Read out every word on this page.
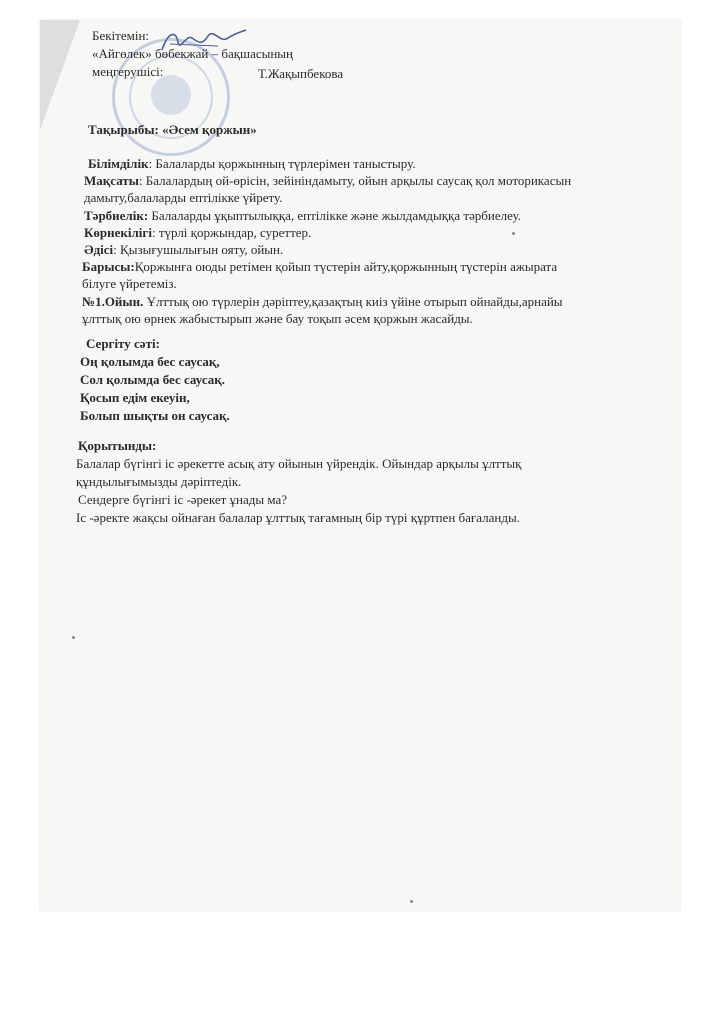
Бекітемін:
«Айгөлек» бөбекжай – бақшасының
меңгерушісі:	Т.Жақыпбекова
Тақырыбы: «Әсем қоржын»
Білімділік: Балаларды қоржынның түрлерімен таныстыру.
Мақсаты: Балалардың ой-өрісін, зейініндамыту, ойын арқылы саусақ қол моторикасын
дамыту,балаларды ептілікке үйрету.
Тәрбиелік: Балаларды ұқыптылыққа, ептілікке және жылдамдыққа тәрбиелеу.
Көрнекілігі: түрлі қоржындар, суреттер.
Әдісі: Қызығушылығын ояту, ойын.
Барысы:Қоржынға оюды ретімен қойып түстерін айту,қоржынның түстерін ажырата
білуге үйретеміз.
№1.Ойын. Ұлттық ою түрлерін дәріптеу,қазақтың киіз үйіне отырып ойнайды,арнайы
ұлттық ою өрнек жабыстырып және бау тоқып әсем қоржын жасайды.
Сергіту сәті:
Оң қолымда бес саусақ,
Сол қолымда бес саусақ.
Қосып едім екеуін,
Болып шықты он саусақ.
Қорытынды:
Балалар бүгінгі іс әрекетте асық ату ойынын үйрендік. Ойындар арқылы ұлттық
құндылығымызды дәріптедік.
Сендерге бүгінгі іс -әрекет ұнады ма?
Іс -әректе жақсы ойнаған балалар ұлттық тағамның бір түрі құртпен бағаланды.
